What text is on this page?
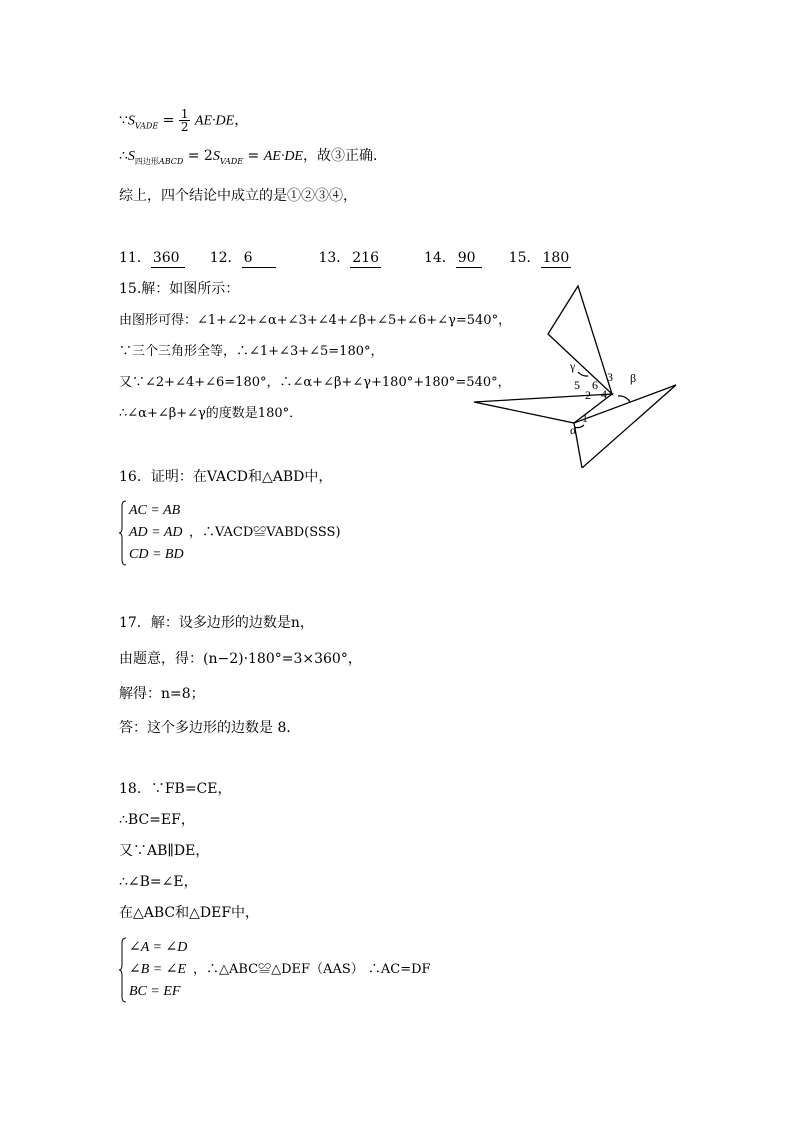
$\because S_{VADE} = \frac{1}{2} AE\cdot DE$，
$\therefore S_{四边形ABCD} = 2S_{VADE} = AE\cdot DE$，故③正确．
综上，四个结论中成立的是①②③④，
11． 360 12． 6	13． 216	14． 90 15． 180
15.解：如图所示：
由图形可得：∠1+∠2+∠α+∠3+∠4+∠β+∠5+∠6+∠γ=540°，
∵三个三角形全等，∴∠1+∠3+∠5=180°，
又∵∠2+∠4+∠6=180°，∴∠α+∠β+∠γ+180°+180°=540°，
∴∠α+∠β+∠γ的度数是180°．
γ
5 6
3 β
4
2
1
α
16．证明：在VACD和△ABD中，
AC = AB
AD = AD
CD = BD
，∴VACD≌VABD(SSS)
17．解：设多边形的边数是n，
由题意，得：(n−2)·180°=3×360°，
解得：n=8；
答：这个多边形的边数是 8．
18．∵FB=CE，
∴BC=EF，
又∵AB∥DE，
∴∠B=∠E，
在△ABC和△DEF中，
∠A = ∠D
∠B = ∠E
BC = EF
，∴△ABC≌△DEF（AAS） ∴AC=DF
